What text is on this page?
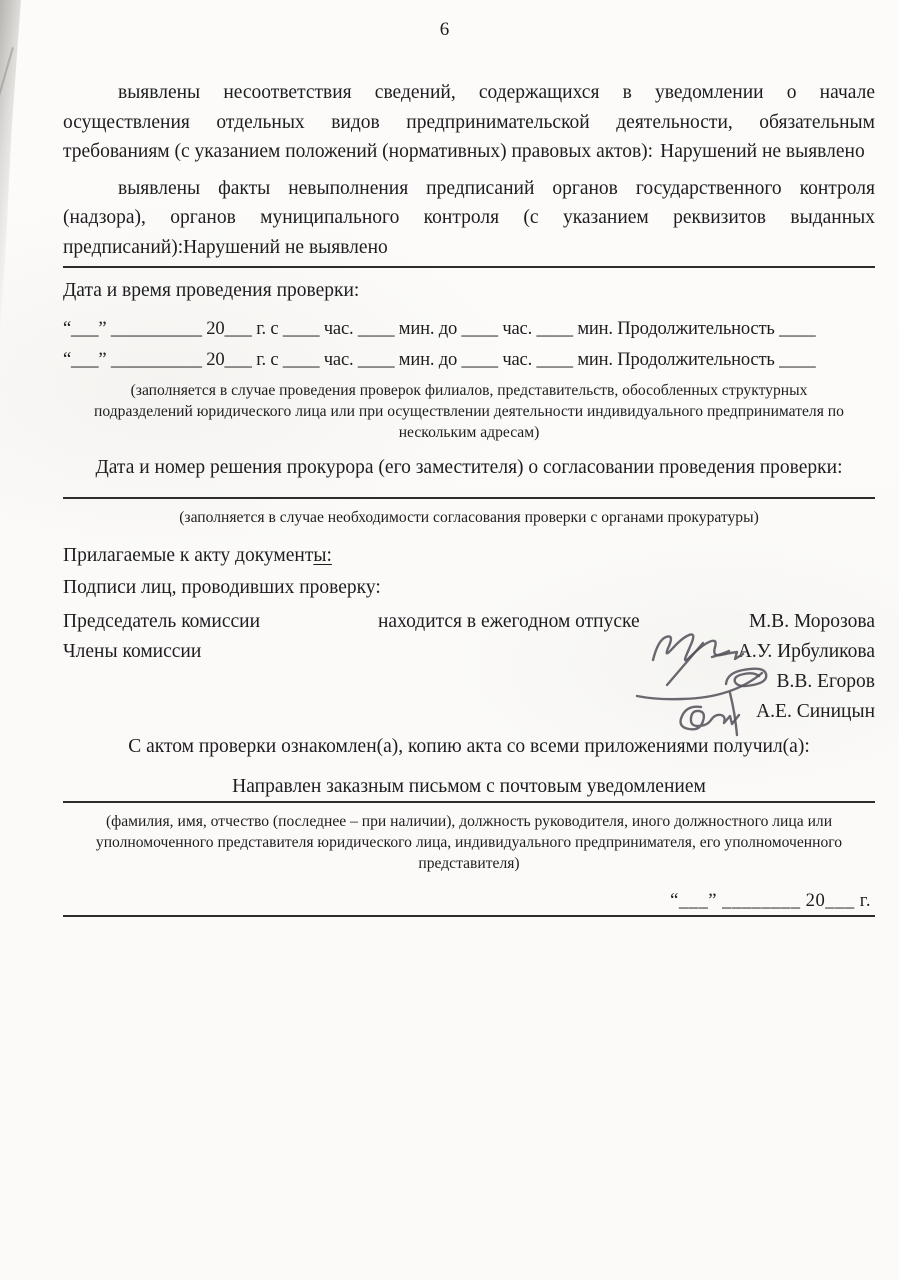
6

выявлены несоответствия сведений, содержащихся в уведомлении о начале осуществления отдельных видов предпринимательской деятельности, обязательным требованиям (с указанием положений (нормативных) правовых актов): Нарушений не выявлено

выявлены факты невыполнения предписаний органов государственного контроля (надзора), органов муниципального контроля (с указанием реквизитов выданных предписаний):Нарушений не выявлено

Дата и время проведения проверки:

“___” __________ 20___ г. с ____ час. ____ мин. до ____ час. ____ мин. Продолжительность ____
“___” __________ 20___ г. с ____ час. ____ мин. до ____ час. ____ мин. Продолжительность ____

(заполняется в случае проведения проверок филиалов, представительств, обособленных структурных подразделений юридического лица или при осуществлении деятельности индивидуального предпринимателя по нескольким адресам)

Дата и номер решения прокурора (его заместителя) о согласовании проведения проверки:

(заполняется в случае необходимости согласования проверки с органами прокуратуры)

Прилагаемые к акту документы:

Подписи лиц, проводивших проверку:

Председатель комиссии	находится в ежегодном отпуске	М.В. Морозова
Члены комиссии	А.У. Ирбуликова
В.В. Егоров
А.Е. Синицын

С актом проверки ознакомлен(а), копию акта со всеми приложениями получил(а):

Направлен заказным письмом с почтовым уведомлением

(фамилия, имя, отчество (последнее – при наличии), должность руководителя, иного должностного лица или уполномоченного представителя юридического лица, индивидуального предпринимателя, его уполномоченного представителя)

“___” ________ 20___ г.
